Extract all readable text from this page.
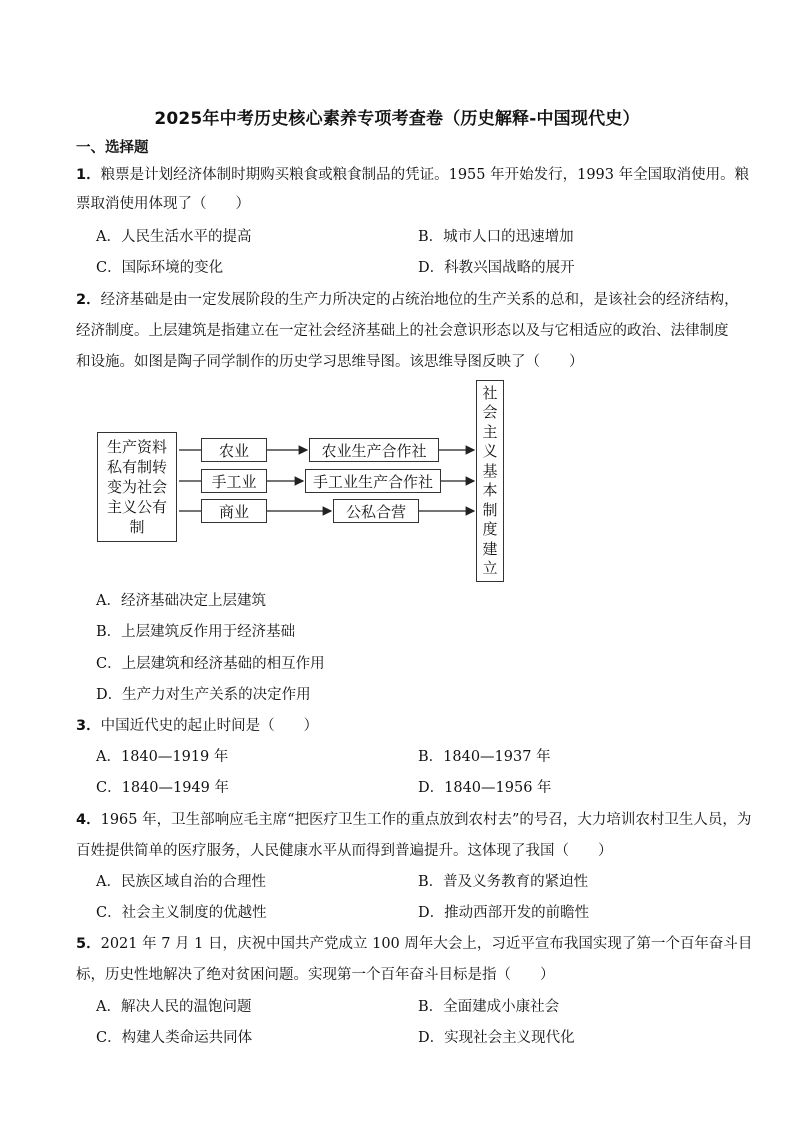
2025年中考历史核心素养专项考查卷（历史解释-中国现代史）
一、选择题
1．粮票是计划经济体制时期购买粮食或粮食制品的凭证。1955 年开始发行，1993 年全国取消使用。粮
票取消使用体现了（　　）
A．人民生活水平的提高	B．城市人口的迅速增加
C．国际环境的变化	D．科教兴国战略的展开
2．经济基础是由一定发展阶段的生产力所决定的占统治地位的生产关系的总和，是该社会的经济结构，
经济制度。上层建筑是指建立在一定社会经济基础上的社会意识形态以及与它相适应的政治、法律制度
和设施。如图是陶子同学制作的历史学习思维导图。该思维导图反映了（　　）
生产资料
私有制转
变为社会
主义公有
制
农业
手工业
商业
农业生产合作社
手工业生产合作社
公私合营
社
会
主
义
基
本
制
度
建
立
A．经济基础决定上层建筑
B．上层建筑反作用于经济基础
C．上层建筑和经济基础的相互作用
D．生产力对生产关系的决定作用
3．中国近代史的起止时间是（　　）
A．1840—1919 年	B．1840—1937 年
C．1840—1949 年	D．1840—1956 年
4．1965 年，卫生部响应毛主席“把医疗卫生工作的重点放到农村去”的号召，大力培训农村卫生人员，为
百姓提供简单的医疗服务，人民健康水平从而得到普遍提升。这体现了我国（　　）
A．民族区域自治的合理性	B．普及义务教育的紧迫性
C．社会主义制度的优越性	D．推动西部开发的前瞻性
5．2021 年 7 月 1 日，庆祝中国共产党成立 100 周年大会上，习近平宣布我国实现了第一个百年奋斗目
标，历史性地解决了绝对贫困问题。实现第一个百年奋斗目标是指（　　）
A．解决人民的温饱问题	B．全面建成小康社会
C．构建人类命运共同体	D．实现社会主义现代化
